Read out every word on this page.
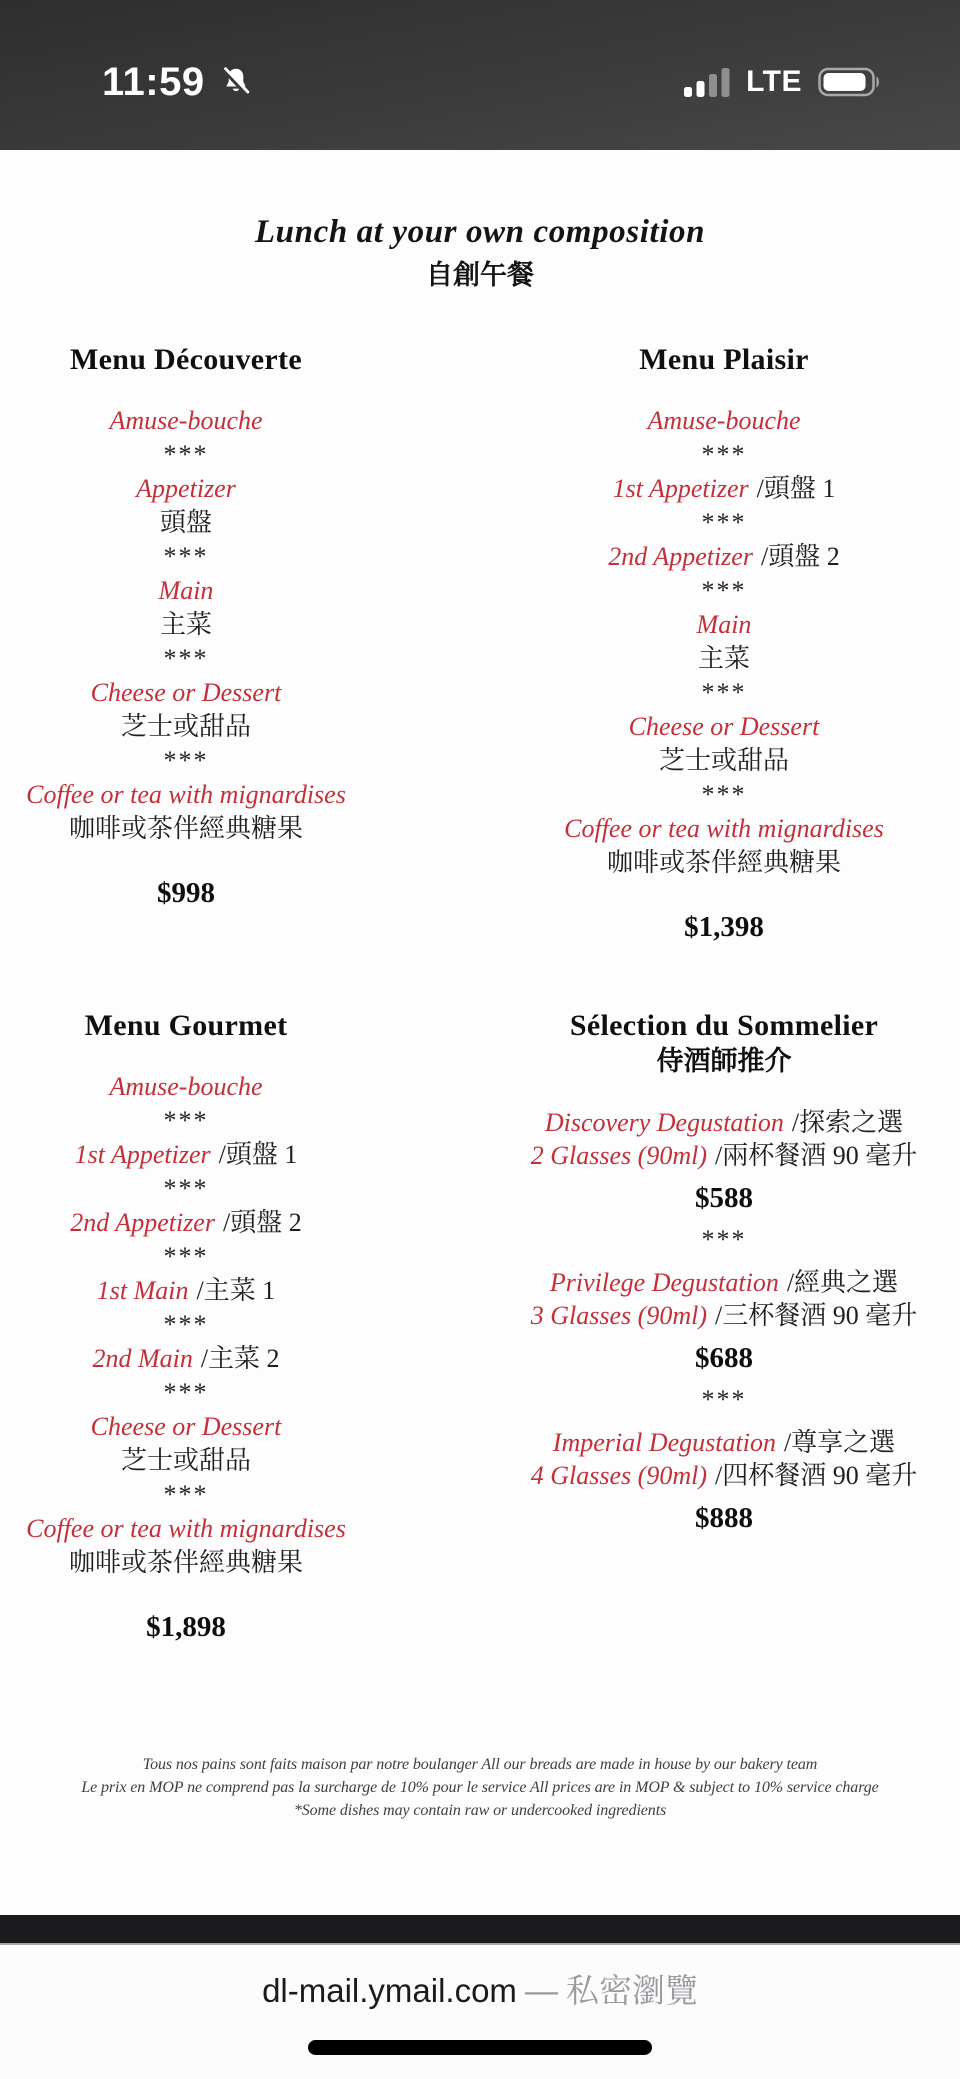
11:59	LTE
Lunch at your own composition
自創午餐
Menu Découverte
Amuse-bouche
***
Appetizer
頭盤
***
Main
主菜
***
Cheese or Dessert
芝士或甜品
***
Coffee or tea with mignardises
咖啡或茶伴經典糖果
$998
Menu Plaisir
Amuse-bouche
***
1st Appetizer /頭盤 1
***
2nd Appetizer /頭盤 2
***
Main
主菜
***
Cheese or Dessert
芝士或甜品
***
Coffee or tea with mignardises
咖啡或茶伴經典糖果
$1,398
Menu Gourmet
Amuse-bouche
***
1st Appetizer /頭盤 1
***
2nd Appetizer /頭盤 2
***
1st Main /主菜 1
***
2nd Main /主菜 2
***
Cheese or Dessert
芝士或甜品
***
Coffee or tea with mignardises
咖啡或茶伴經典糖果
$1,898
Sélection du Sommelier
侍酒師推介
Discovery Degustation /探索之選
2 Glasses (90ml) /兩杯餐酒 90 毫升
$588
***
Privilege Degustation /經典之選
3 Glasses (90ml) /三杯餐酒 90 毫升
$688
***
Imperial Degustation /尊享之選
4 Glasses (90ml) /四杯餐酒 90 毫升
$888
Tous nos pains sont faits maison par notre boulanger All our breads are made in house by our bakery team
Le prix en MOP ne comprend pas la surcharge de 10% pour le service All prices are in MOP & subject to 10% service charge
*Some dishes may contain raw or undercooked ingredients
dl-mail.ymail.com — 私密瀏覽
